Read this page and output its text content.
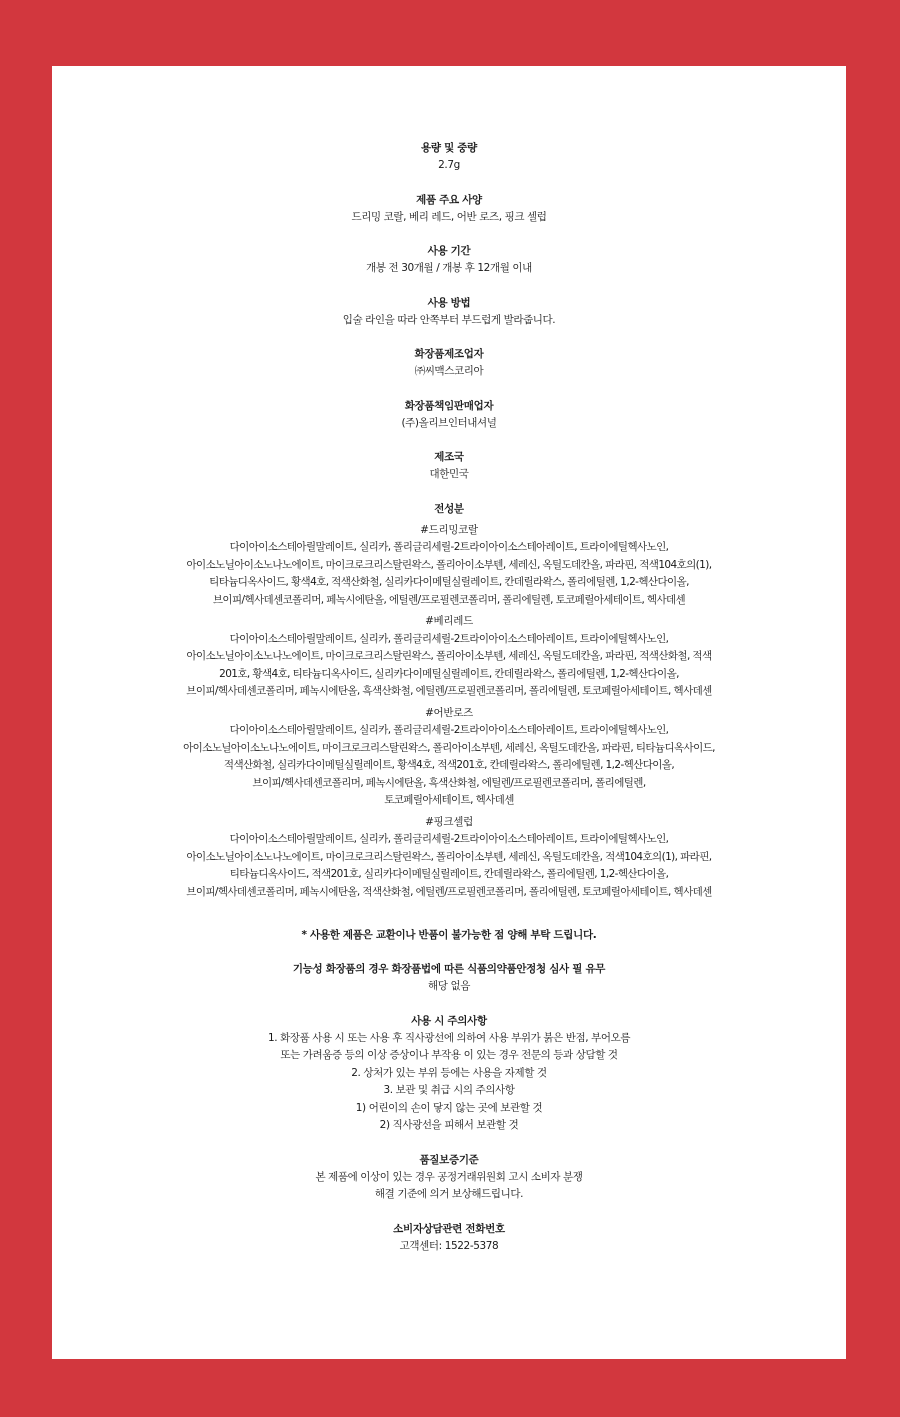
용량 및 중량
2.7g
제품 주요 사양
드리밍 코랄, 베리 레드, 어반 로즈, 핑크 셀럽
사용 기간
개봉 전 30개월 / 개봉 후 12개월 이내
사용 방법
입술 라인을 따라 안쪽부터 부드럽게 발라줍니다.
화장품제조업자
㈜씨맥스코리아
화장품책임판매업자
(주)올리브인터내셔널
제조국
대한민국
전성분
#드리밍코랄
다이아이소스테아릴말레이트, 실리카, 폴리글리세릴-2트라이아이소스테아레이트, 트라이에틸헥사노인,
아이소노닐아이소노나노에이트, 마이크로크리스탈린왁스, 폴리아이소부텐, 세레신, 옥틸도데칸올, 파라핀, 적색104호의(1),
티타늄디옥사이드, 황색4호, 적색산화철, 실리카다이메틸실릴레이트, 칸데릴라왁스, 폴리에틸렌, 1,2-헥산다이올,
브이피/헥사데센코폴리머, 페녹시에탄올, 에틸렌/프로필렌코폴리머, 폴리에틸렌, 토코페릴아세테이트, 헥사데센
#베리레드
다이아이소스테아릴말레이트, 실리카, 폴리글리세릴-2트라이아이소스테아레이트, 트라이에틸헥사노인,
아이소노닐아이소노나노에이트, 마이크로크리스탈린왁스, 폴리아이소부텐, 세레신, 옥틸도데칸올, 파라핀, 적색산화철, 적색
201호, 황색4호, 티타늄디옥사이드, 실리카다이메틸실릴레이트, 칸데릴라왁스, 폴리에틸렌, 1,2-헥산다이올,
브이피/헥사데센코폴리머, 페녹시에탄올, 흑색산화철, 에틸렌/프로필렌코폴리머, 폴리에틸렌, 토코페릴아세테이트, 헥사데센
#어반로즈
다이아이소스테아릴말레이트, 실리카, 폴리글리세릴-2트라이아이소스테아레이트, 트라이에틸헥사노인,
아이소노닐아이소노나노에이트, 마이크로크리스탈린왁스, 폴리아이소부텐, 세레신, 옥틸도데칸올, 파라핀, 티타늄디옥사이드,
적색산화철, 실리카다이메틸실릴레이트, 황색4호, 적색201호, 칸데릴라왁스, 폴리에틸렌, 1,2-헥산다이올,
브이피/헥사데센코폴리머, 페녹시에탄올, 흑색산화철, 에틸렌/프로필렌코폴리머, 폴리에틸렌,
토코페릴아세테이트, 헥사데센
#핑크셀럽
다이아이소스테아릴말레이트, 실리카, 폴리글리세릴-2트라이아이소스테아레이트, 트라이에틸헥사노인,
아이소노닐아이소노나노에이트, 마이크로크리스탈린왁스, 폴리아이소부텐, 세레신, 옥틸도데칸올, 적색104호의(1), 파라핀,
티타늄디옥사이드, 적색201호, 실리카다이메틸실릴레이트, 칸데릴라왁스, 폴리에틸렌, 1,2-헥산다이올,
브이피/헥사데센코폴리머, 페녹시에탄올, 적색산화철, 에틸렌/프로필렌코폴리머, 폴리에틸렌, 토코페릴아세테이트, 헥사데센
* 사용한 제품은 교환이나 반품이 불가능한 점 양해 부탁 드립니다.
기능성 화장품의 경우 화장품법에 따른 식품의약품안정청 심사 필 유무
해당 없음
사용 시 주의사항
1. 화장품 사용 시 또는 사용 후 직사광선에 의하여 사용 부위가 붉은 반점, 부어오름
또는 가려움증 등의 이상 증상이나 부작용 이 있는 경우 전문의 등과 상담할 것
2. 상처가 있는 부위 등에는 사용을 자제할 것
3. 보관 및 취급 시의 주의사항
1) 어린이의 손이 닿지 않는 곳에 보관할 것
2) 직사광선을 피해서 보관할 것
품질보증기준
본 제품에 이상이 있는 경우 공정거래위원회 고시 소비자 분쟁
해결 기준에 의거 보상해드립니다.
소비자상담관련 전화번호
고객센터: 1522-5378
